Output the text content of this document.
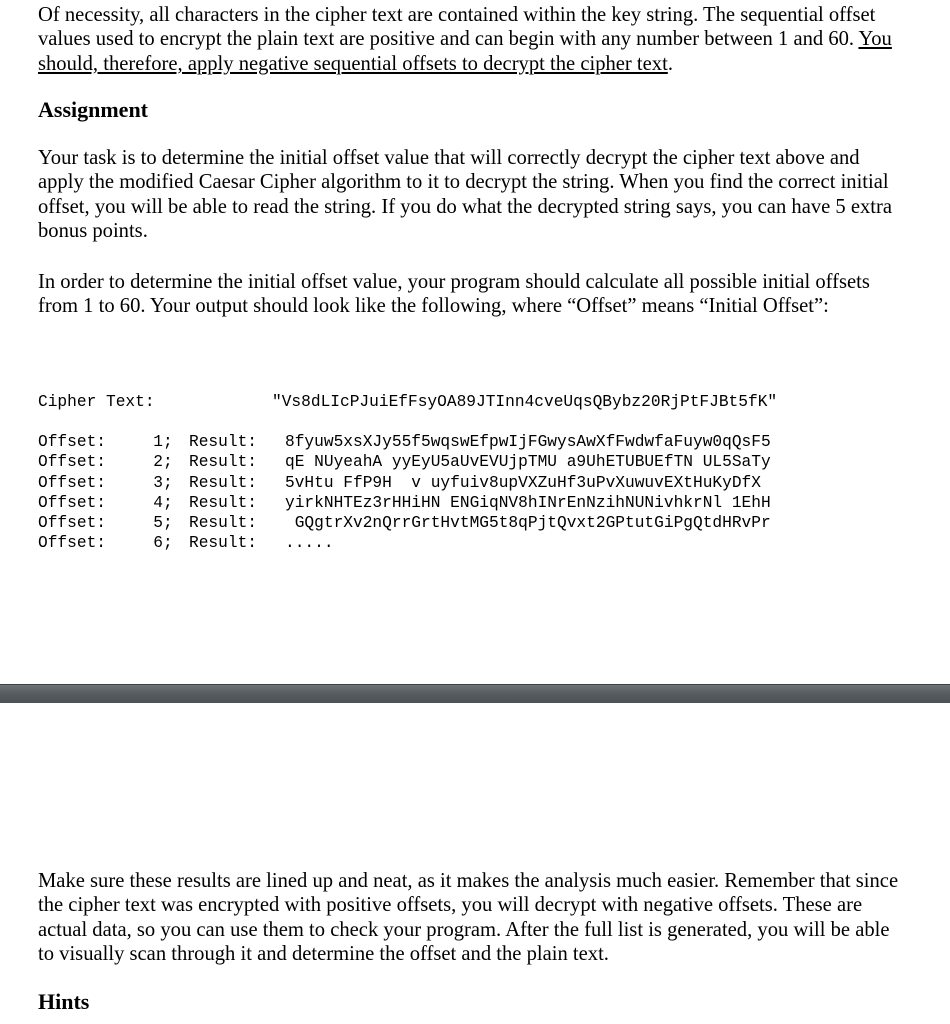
Of necessity, all characters in the cipher text are contained within the key string. The sequential offset values used to encrypt the plain text are positive and can begin with any number between 1 and 60. You should, therefore, apply negative sequential offsets to decrypt the cipher text.

Assignment

Your task is to determine the initial offset value that will correctly decrypt the cipher text above and apply the modified Caesar Cipher algorithm to it to decrypt the string. When you find the correct initial offset, you will be able to read the string. If you do what the decrypted string says, you can have 5 extra bonus points.

In order to determine the initial offset value, your program should calculate all possible initial offsets from 1 to 60. Your output should look like the following, where “Offset” means “Initial Offset”:

Cipher Text:	"Vs8dLIcPJuiEfFsyOA89JTInn4cveUqsQBybz20RjPtFJBt5fK"
Offset:	1 ; Result: 8fyuw5xsXJy55f5wqswEfpwIjFGwysAwXfFwdwfaFuyw0qQsF5
Offset:	2 ; Result: qE NUyeahA yyEyU5aUvEVUjpTMU a9UhETUBUEfTN UL5SaTy
Offset:	3 ; Result: 5vHtu FfP9H  v uyfuiv8upVXZuHf3uPvXuwuvEXtHuKyDfX
Offset:	4 ; Result: yirkNHTEz3rHHiHN ENGiqNV8hINrEnNzihNUNivhkrNl 1EhH
Offset:	5 ; Result: GQgtrXv2nQrrGrtHvtMG5t8qPjtQvxt2GPtutGiPgQtdHRvPr
Offset:	6 ; Result: .....

Make sure these results are lined up and neat, as it makes the analysis much easier. Remember that since the cipher text was encrypted with positive offsets, you will decrypt with negative offsets. These are actual data, so you can use them to check your program. After the full list is generated, you will be able to visually scan through it and determine the offset and the plain text.

Hints
